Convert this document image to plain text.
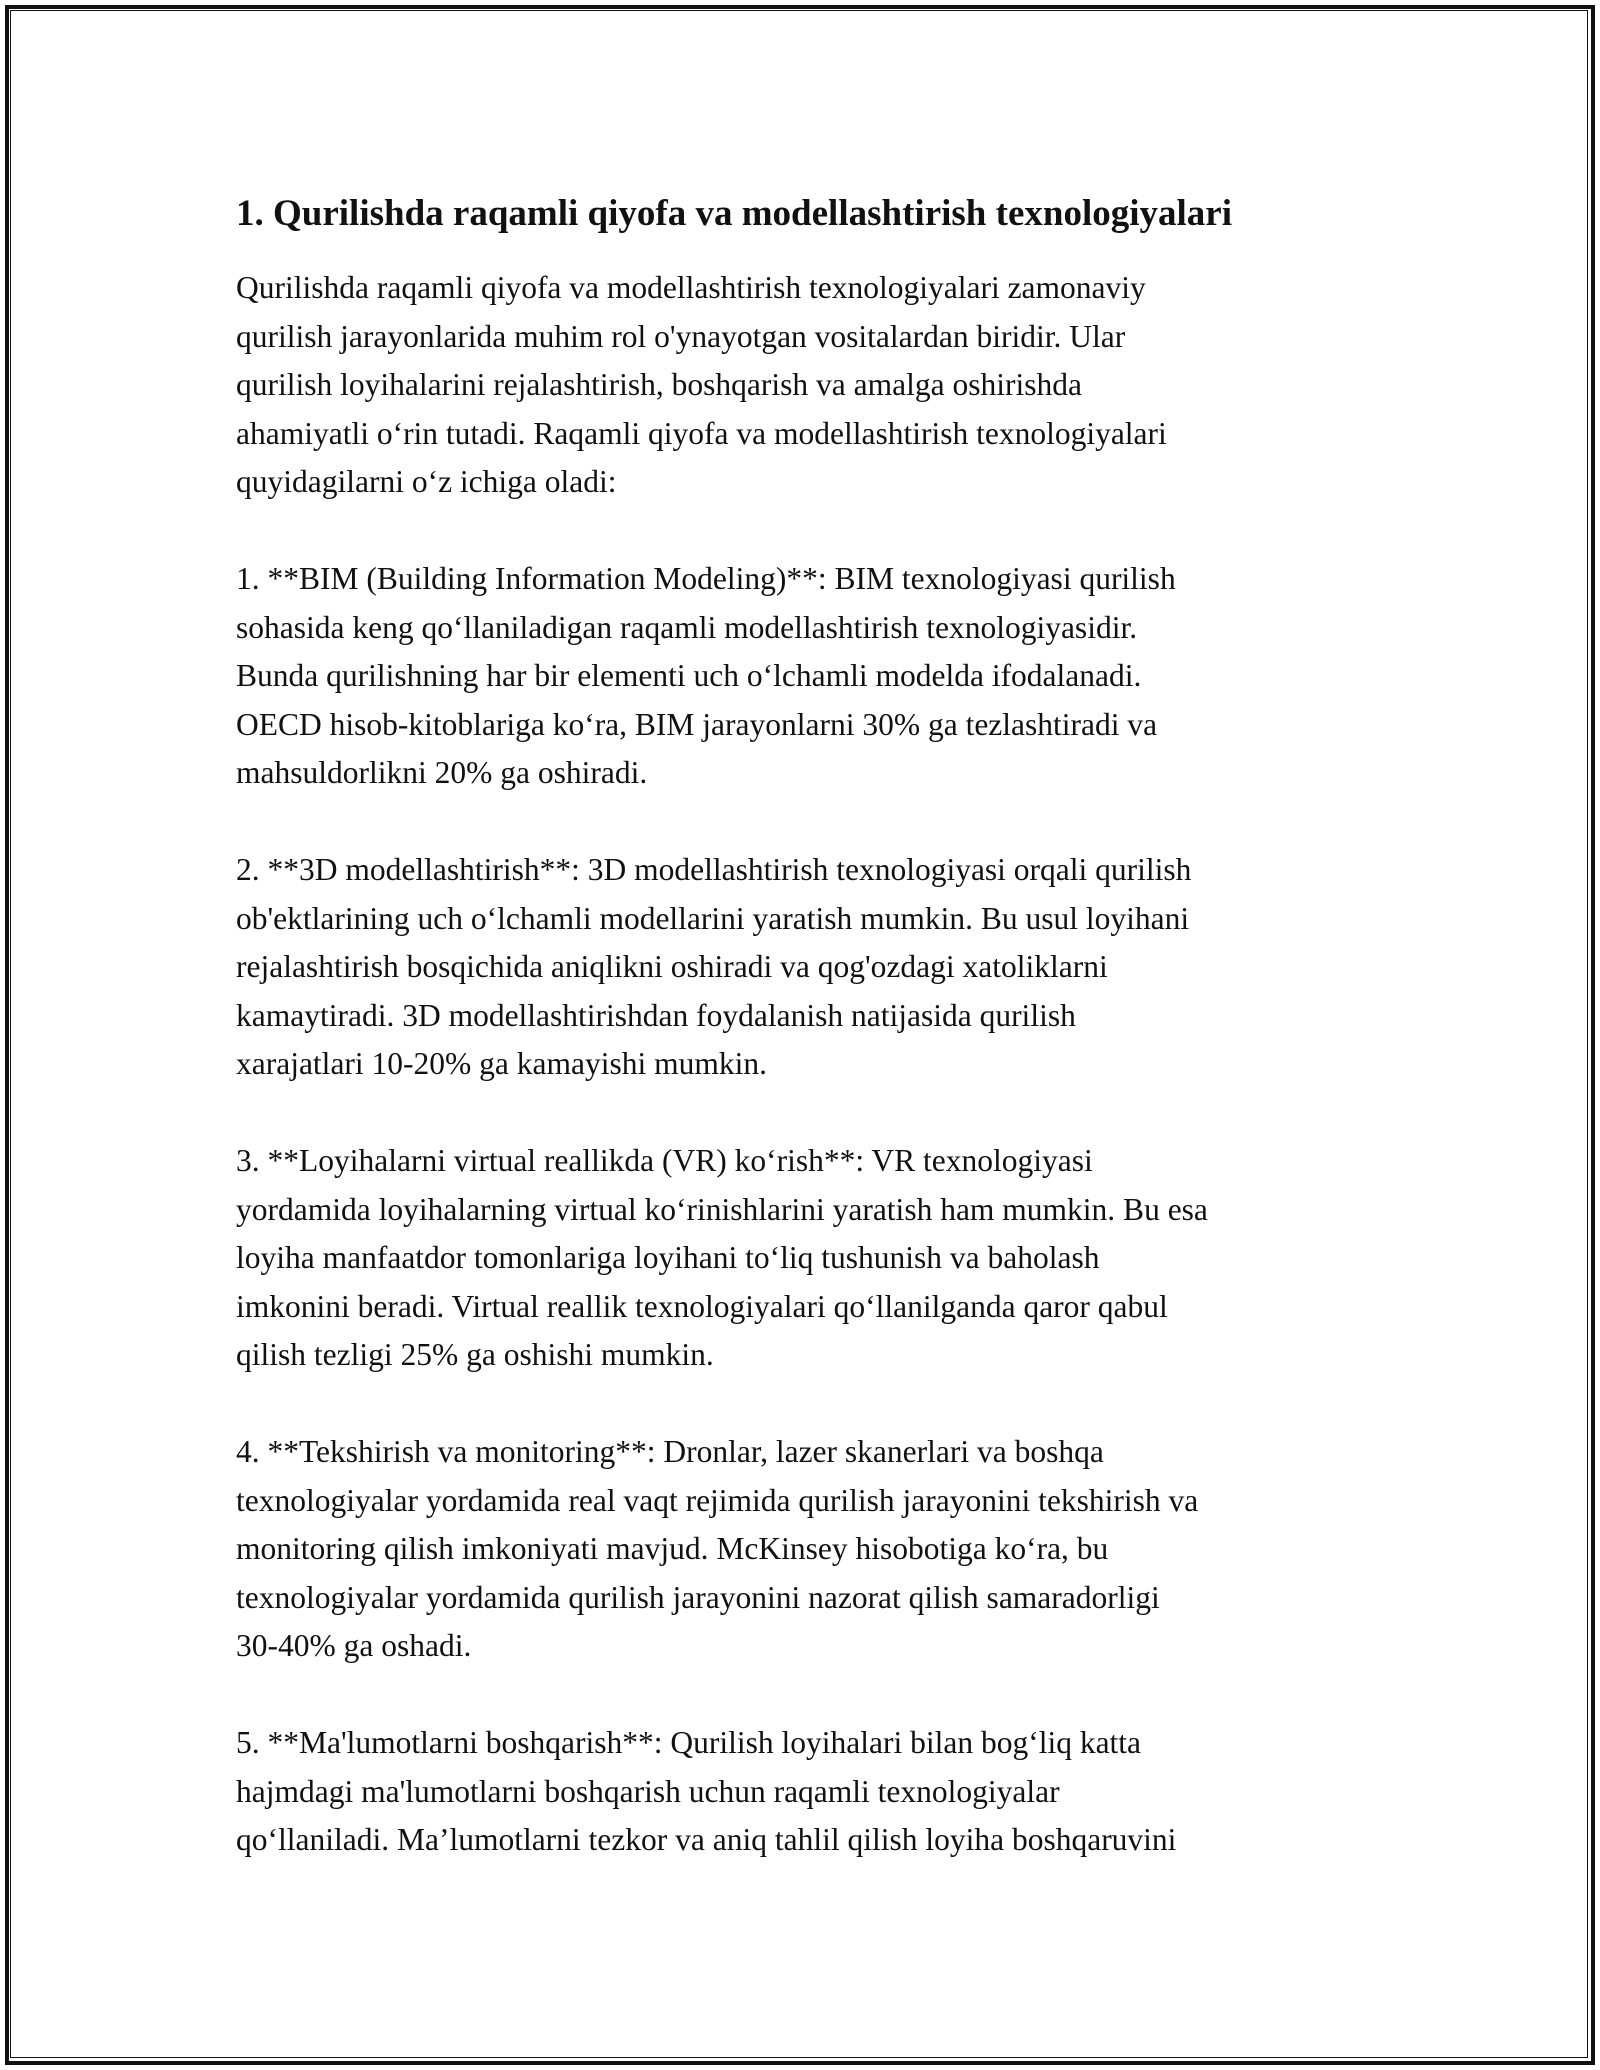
1. Qurilishda raqamli qiyofa va modellashtirish texnologiyalari

Qurilishda raqamli qiyofa va modellashtirish texnologiyalari zamonaviy
qurilish jarayonlarida muhim rol o'ynayotgan vositalardan biridir. Ular
qurilish loyihalarini rejalashtirish, boshqarish va amalga oshirishda
ahamiyatli o‘rin tutadi. Raqamli qiyofa va modellashtirish texnologiyalari
quyidagilarni o‘z ichiga oladi:

1. **BIM (Building Information Modeling)**: BIM texnologiyasi qurilish
sohasida keng qo‘llaniladigan raqamli modellashtirish texnologiyasidir.
Bunda qurilishning har bir elementi uch o‘lchamli modelda ifodalanadi.
OECD hisob-kitoblariga ko‘ra, BIM jarayonlarni 30% ga tezlashtiradi va
mahsuldorlikni 20% ga oshiradi.

2. **3D modellashtirish**: 3D modellashtirish texnologiyasi orqali qurilish
ob'ektlarining uch o‘lchamli modellarini yaratish mumkin. Bu usul loyihani
rejalashtirish bosqichida aniqlikni oshiradi va qog'ozdagi xatoliklarni
kamaytiradi. 3D modellashtirishdan foydalanish natijasida qurilish
xarajatlari 10-20% ga kamayishi mumkin.

3. **Loyihalarni virtual reallikda (VR) ko‘rish**: VR texnologiyasi
yordamida loyihalarning virtual ko‘rinishlarini yaratish ham mumkin. Bu esa
loyiha manfaatdor tomonlariga loyihani to‘liq tushunish va baholash
imkonini beradi. Virtual reallik texnologiyalari qo‘llanilganda qaror qabul
qilish tezligi 25% ga oshishi mumkin.

4. **Tekshirish va monitoring**: Dronlar, lazer skanerlari va boshqa
texnologiyalar yordamida real vaqt rejimida qurilish jarayonini tekshirish va
monitoring qilish imkoniyati mavjud. McKinsey hisobotiga ko‘ra, bu
texnologiyalar yordamida qurilish jarayonini nazorat qilish samaradorligi
30-40% ga oshadi.

5. **Ma'lumotlarni boshqarish**: Qurilish loyihalari bilan bog‘liq katta
hajmdagi ma'lumotlarni boshqarish uchun raqamli texnologiyalar
qo‘llaniladi. Ma’lumotlarni tezkor va aniq tahlil qilish loyiha boshqaruvini
